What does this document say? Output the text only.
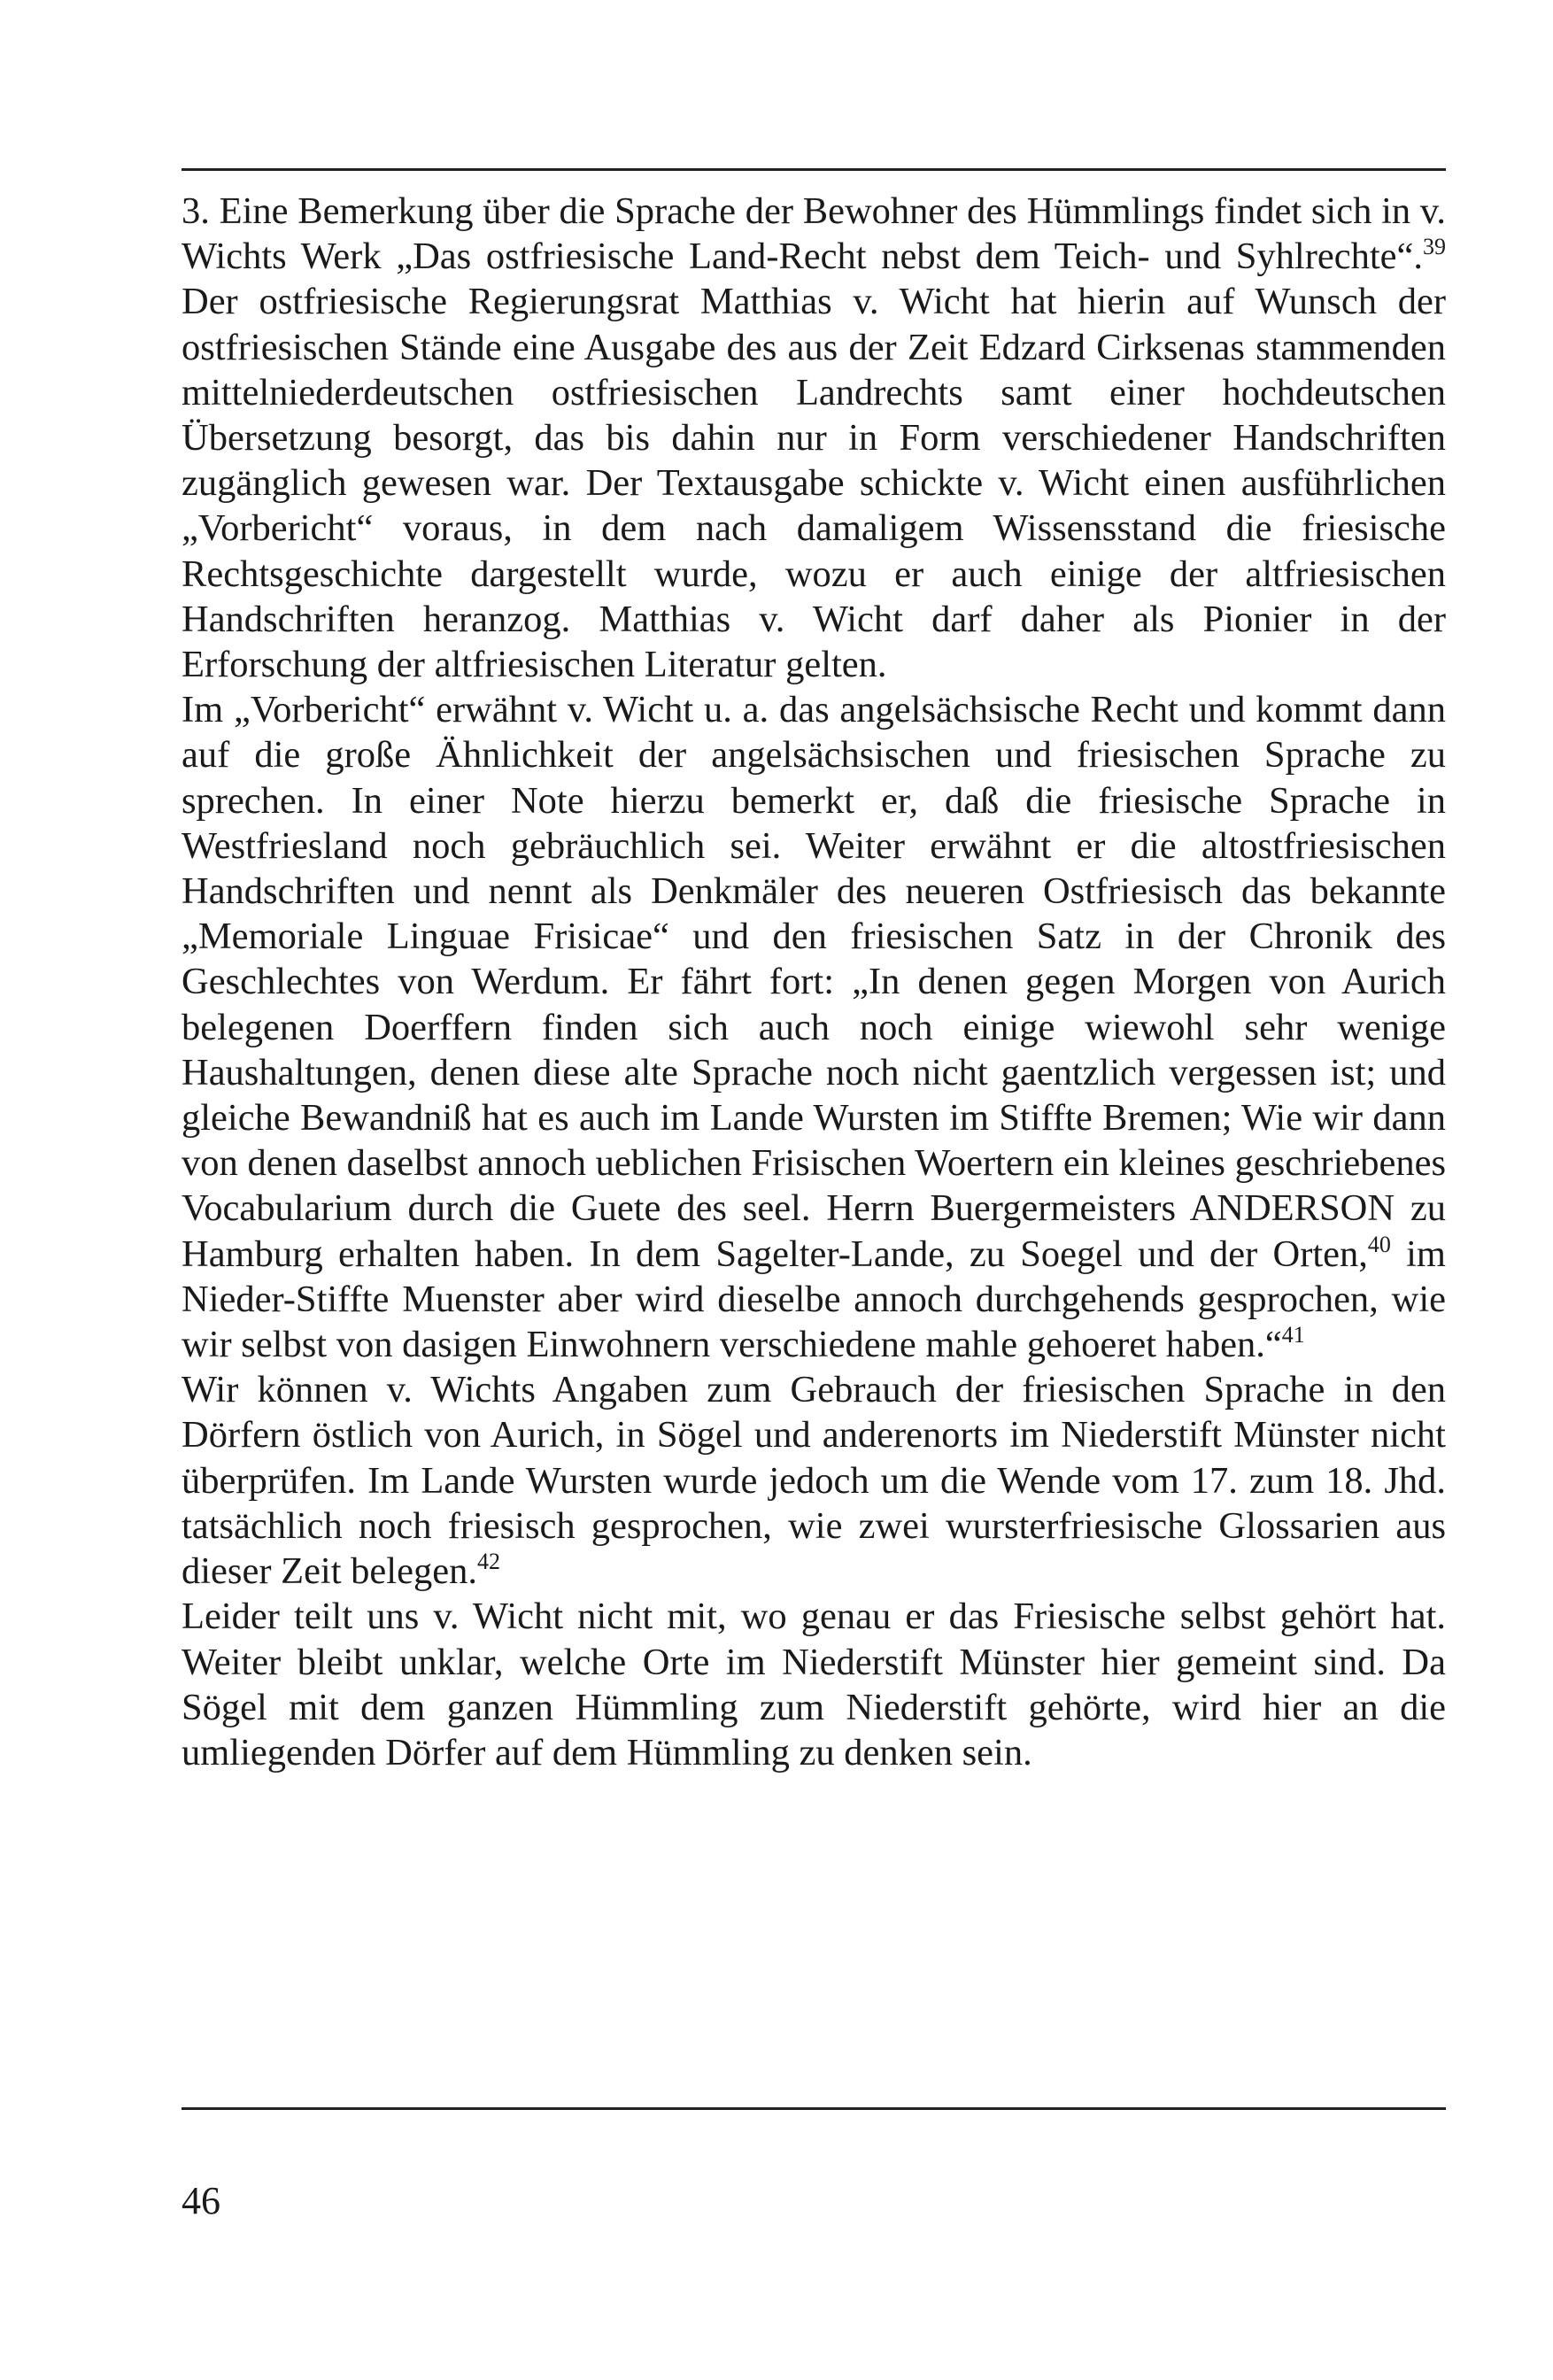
3. Eine Bemerkung über die Sprache der Bewohner des Hümmlings findet sich in v. Wichts Werk „Das ostfriesische Land-Recht nebst dem Teich- und Syhlrechte“.$^{39}$ Der ostfriesische Regierungsrat Matthias v. Wicht hat hierin auf Wunsch der ostfriesischen Stände eine Ausgabe des aus der Zeit Edzard Cirksenas stammenden mittelniederdeutschen ostfriesischen Landrechts samt einer hochdeutschen Übersetzung besorgt, das bis dahin nur in Form verschiedener Handschriften zugänglich gewesen war. Der Textausgabe schickte v. Wicht einen ausführlichen „Vorbericht“ voraus, in dem nach damaligem Wissensstand die friesische Rechtsgeschichte dargestellt wurde, wozu er auch einige der altfriesischen Handschriften heranzog. Matthias v. Wicht darf daher als Pionier in der Erforschung der altfriesischen Literatur gelten.

Im „Vorbericht“ erwähnt v. Wicht u. a. das angelsächsische Recht und kommt dann auf die große Ähnlichkeit der angelsächsischen und friesischen Sprache zu sprechen. In einer Note hierzu bemerkt er, daß die friesische Sprache in Westfriesland noch gebräuchlich sei. Weiter erwähnt er die altostfriesischen Handschriften und nennt als Denkmäler des neueren Ostfriesisch das bekannte „Memoriale Linguae Frisicae“ und den friesischen Satz in der Chronik des Geschlechtes von Werdum. Er fährt fort: „In denen gegen Morgen von Aurich belegenen Doerffern finden sich auch noch einige wiewohl sehr wenige Haushaltungen, denen diese alte Sprache noch nicht gaentzlich vergessen ist; und gleiche Bewandniß hat es auch im Lande Wursten im Stiffte Bremen; Wie wir dann von denen daselbst annoch ueblichen Frisischen Woertern ein kleines geschriebenes Vocabularium durch die Guete des seel. Herrn Buergermeisters ANDERSON zu Hamburg erhalten haben. In dem Sagelter-Lande, zu Soegel und der Orten,$^{40}$ im Nieder-Stiffte Muenster aber wird dieselbe annoch durchgehends gesprochen, wie wir selbst von dasigen Einwohnern verschiedene mahle gehoeret haben.“$^{41}$

Wir können v. Wichts Angaben zum Gebrauch der friesischen Sprache in den Dörfern östlich von Aurich, in Sögel und anderenorts im Niederstift Münster nicht überprüfen. Im Lande Wursten wurde jedoch um die Wende vom 17. zum 18. Jhd. tatsächlich noch friesisch gesprochen, wie zwei wursterfriesische Glossarien aus dieser Zeit belegen.$^{42}$

Leider teilt uns v. Wicht nicht mit, wo genau er das Friesische selbst gehört hat. Weiter bleibt unklar, welche Orte im Niederstift Münster hier gemeint sind. Da Sögel mit dem ganzen Hümmling zum Niederstift gehörte, wird hier an die umliegenden Dörfer auf dem Hümmling zu denken sein.

46
